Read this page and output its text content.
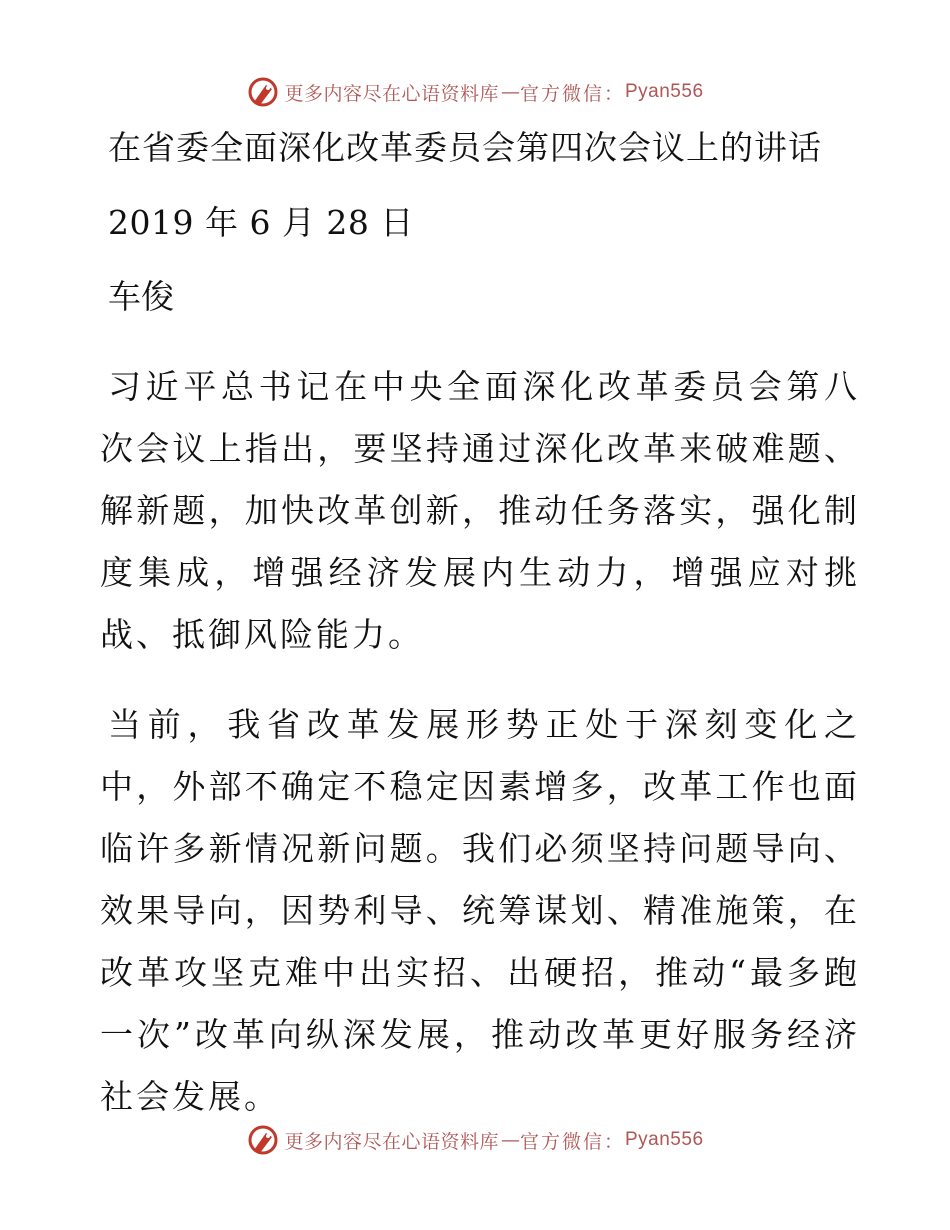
更多内容尽在心语资料库 — 官方微信： Pyan556
在省委全面深化改革委员会第四次会议上的讲话
2019 年 6 月 28 日
车俊

习近平总书记在中央全面深化改革委员会第八次会议上指出，要坚持通过深化改革来破难题、解新题，加快改革创新，推动任务落实，强化制度集成，增强经济发展内生动力，增强应对挑战、抵御风险能力。

当前，我省改革发展形势正处于深刻变化之中，外部不确定不稳定因素增多，改革工作也面临许多新情况新问题。我们必须坚持问题导向、效果导向，因势利导、统筹谋划、精准施策，在改革攻坚克难中出实招、出硬招，推动“最多跑一次”改革向纵深发展，推动改革更好服务经济社会发展。

更多内容尽在心语资料库 — 官方微信： Pyan556
